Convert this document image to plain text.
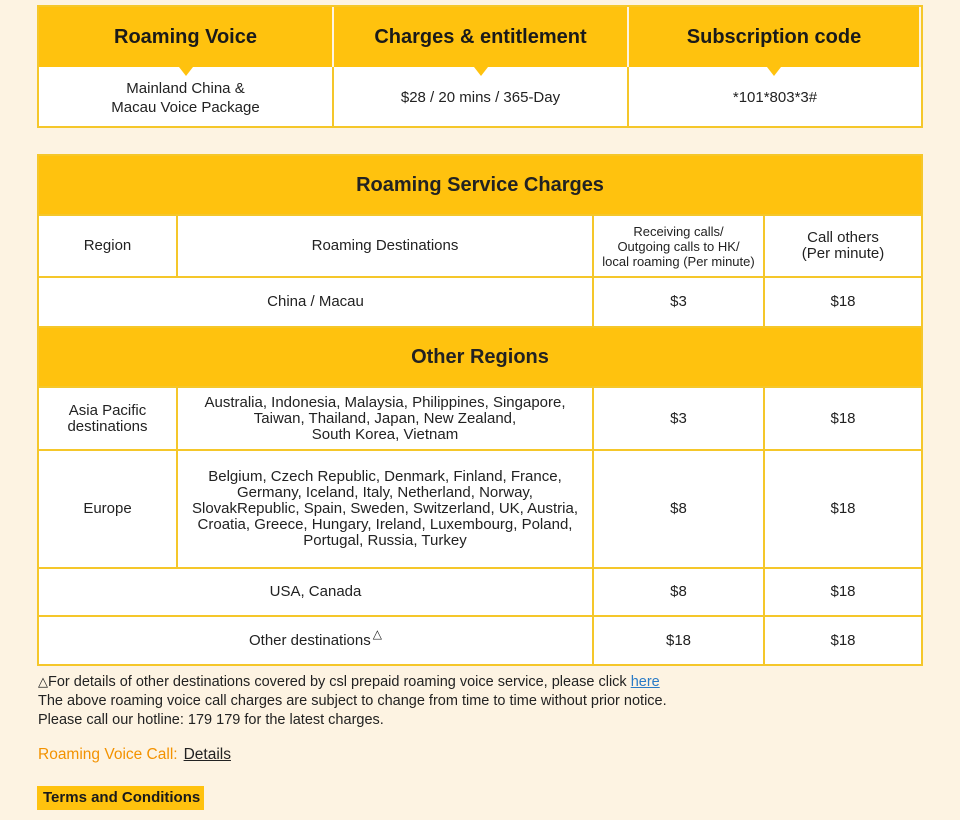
Roaming Voice	Charges & entitlement	Subscription code
Mainland China &
Macau Voice Package
$28 / 20 mins / 365-Day	*101*803*3#
Roaming Service Charges			
Region	Roaming Destinations	Receiving calls/
Outgoing calls to HK/
local roaming (Per minute)	Call others
(Per minute)
China / Macau		$3	$18
Other Regions			
Asia Pacific
destinations	Australia, Indonesia, Malaysia, Philippines, Singapore,
Taiwan, Thailand, Japan, New Zealand,
South Korea, Vietnam	$3	$18
Europe	Belgium, Czech Republic, Denmark, Finland, France,
Germany, Iceland, Italy, Netherland, Norway,
SlovakRepublic, Spain, Sweden, Switzerland, UK, Austria,
Croatia, Greece, Hungary, Ireland, Luxembourg, Poland,
Portugal, Russia, Turkey	$8	$18
USA, Canada		$8	$18
Other destinations △		$18	$18
△For details of other destinations covered by csl prepaid roaming voice service, please click here
The above roaming voice call charges are subject to change from time to time without prior notice.
Please call our hotline: 179 179 for the latest charges.
Roaming Voice Call: Details
Terms and Conditions
